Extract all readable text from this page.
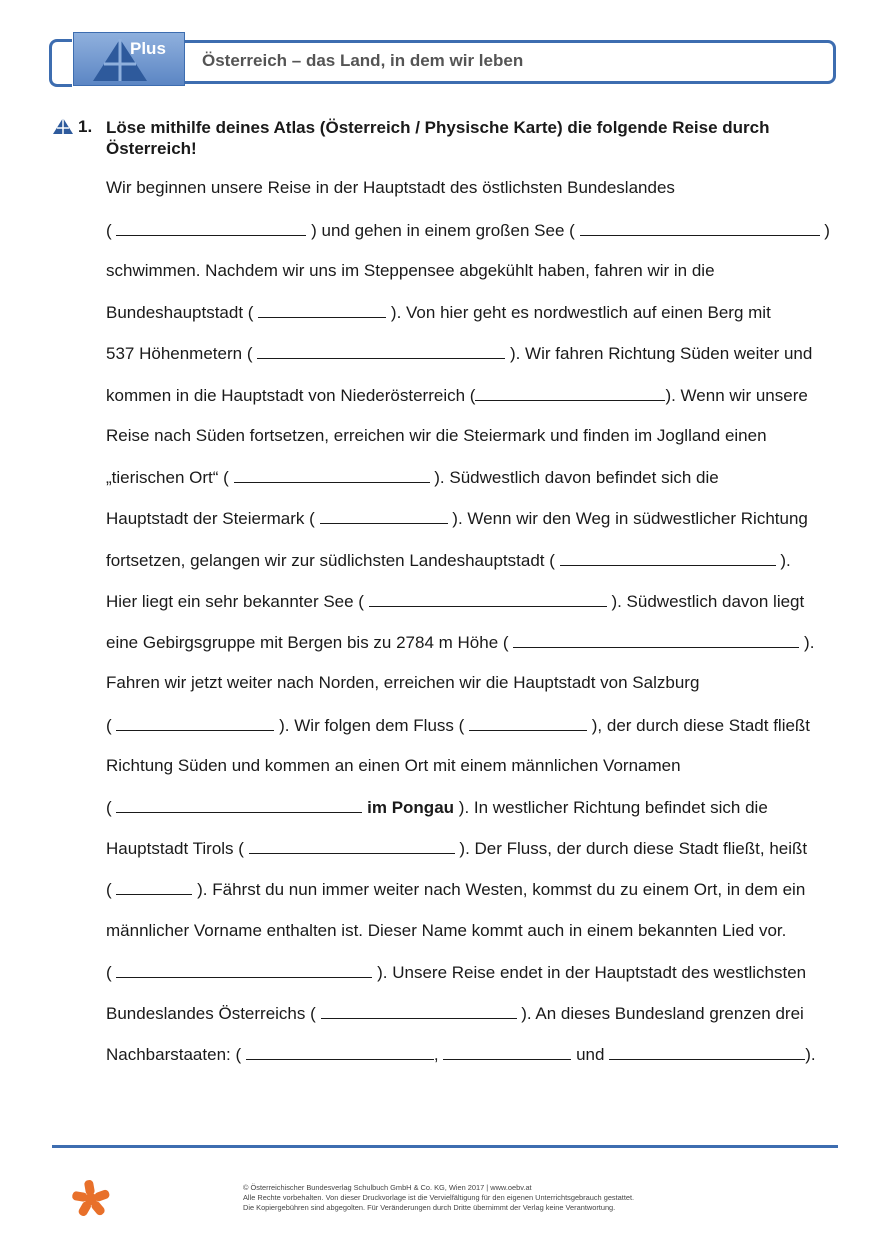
Plus
Österreich – das Land, in dem wir leben
1. Löse mithilfe deines Atlas (Österreich / Physische Karte) die folgende Reise durch Österreich!
Wir beginnen unsere Reise in der Hauptstadt des östlichsten Bundeslandes
(	) und gehen in einem großen See (	)
schwimmen. Nachdem wir uns im Steppensee abgekühlt haben, fahren wir in die
Bundeshauptstadt (	). Von hier geht es nordwestlich auf einen Berg mit
537 Höhenmetern (	). Wir fahren Richtung Süden weiter und
kommen in die Hauptstadt von Niederösterreich (	). Wenn wir unsere
Reise nach Süden fortsetzen, erreichen wir die Steiermark und finden im Joglland einen
„tierischen Ort“ (	). Südwestlich davon befindet sich die
Hauptstadt der Steiermark (	). Wenn wir den Weg in südwestlicher Richtung
fortsetzen, gelangen wir zur südlichsten Landeshauptstadt (	).
Hier liegt ein sehr bekannter See (	). Südwestlich davon liegt
eine Gebirgsgruppe mit Bergen bis zu 2784 m Höhe (	).
Fahren wir jetzt weiter nach Norden, erreichen wir die Hauptstadt von Salzburg
(	). Wir folgen dem Fluss (	), der durch diese Stadt fließt
Richtung Süden und kommen an einen Ort mit einem männlichen Vornamen
(	im Pongau ). In westlicher Richtung befindet sich die
Hauptstadt Tirols (	). Der Fluss, der durch diese Stadt fließt, heißt
(	). Fährst du nun immer weiter nach Westen, kommst du zu einem Ort, in dem ein
männlicher Vorname enthalten ist. Dieser Name kommt auch in einem bekannten Lied vor.
(	). Unsere Reise endet in der Hauptstadt des westlichsten
Bundeslandes Österreichs (	). An dieses Bundesland grenzen drei
Nachbarstaaten: (	,	und	).
© Österreichischer Bundesverlag Schulbuch GmbH & Co. KG, Wien 2017 | www.oebv.at
Alle Rechte vorbehalten. Von dieser Druckvorlage ist die Vervielfältigung für den eigenen Unterrichtsgebrauch gestattet.
Die Kopiergebühren sind abgegolten. Für Veränderungen durch Dritte übernimmt der Verlag keine Verantwortung.
